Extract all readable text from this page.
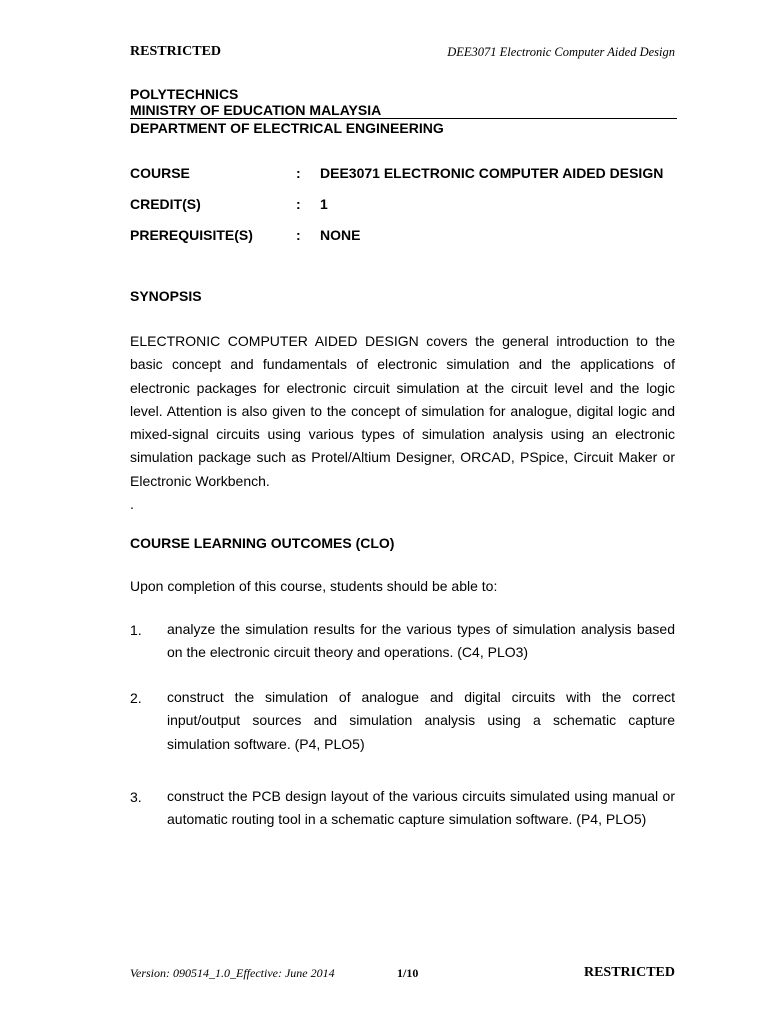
RESTRICTED	DEE3071 Electronic Computer Aided Design
POLYTECHNICS
MINISTRY OF EDUCATION MALAYSIA
DEPARTMENT OF ELECTRICAL ENGINEERING
COURSE	: DEE3071 ELECTRONIC COMPUTER AIDED DESIGN
CREDIT(S)	: 1
PREREQUISITE(S)	: NONE
SYNOPSIS
ELECTRONIC COMPUTER AIDED DESIGN covers the general introduction to the basic concept and fundamentals of electronic simulation and the applications of electronic packages for electronic circuit simulation at the circuit level and the logic level. Attention is also given to the concept of simulation for analogue, digital logic and mixed-signal circuits using various types of simulation analysis using an electronic simulation package such as Protel/Altium Designer, ORCAD, PSpice, Circuit Maker or Electronic Workbench.
.
COURSE LEARNING OUTCOMES (CLO)
Upon completion of this course, students should be able to:
1.	analyze the simulation results for the various types of simulation analysis based on the electronic circuit theory and operations. (C4, PLO3)
2.	construct the simulation of analogue and digital circuits with the correct input/output sources and simulation analysis using a schematic capture simulation software. (P4, PLO5)
3.	construct the PCB design layout of the various circuits simulated using manual or automatic routing tool in a schematic capture simulation software. (P4, PLO5)
Version: 090514_1.0_Effective: June 2014	1/10	RESTRICTED
